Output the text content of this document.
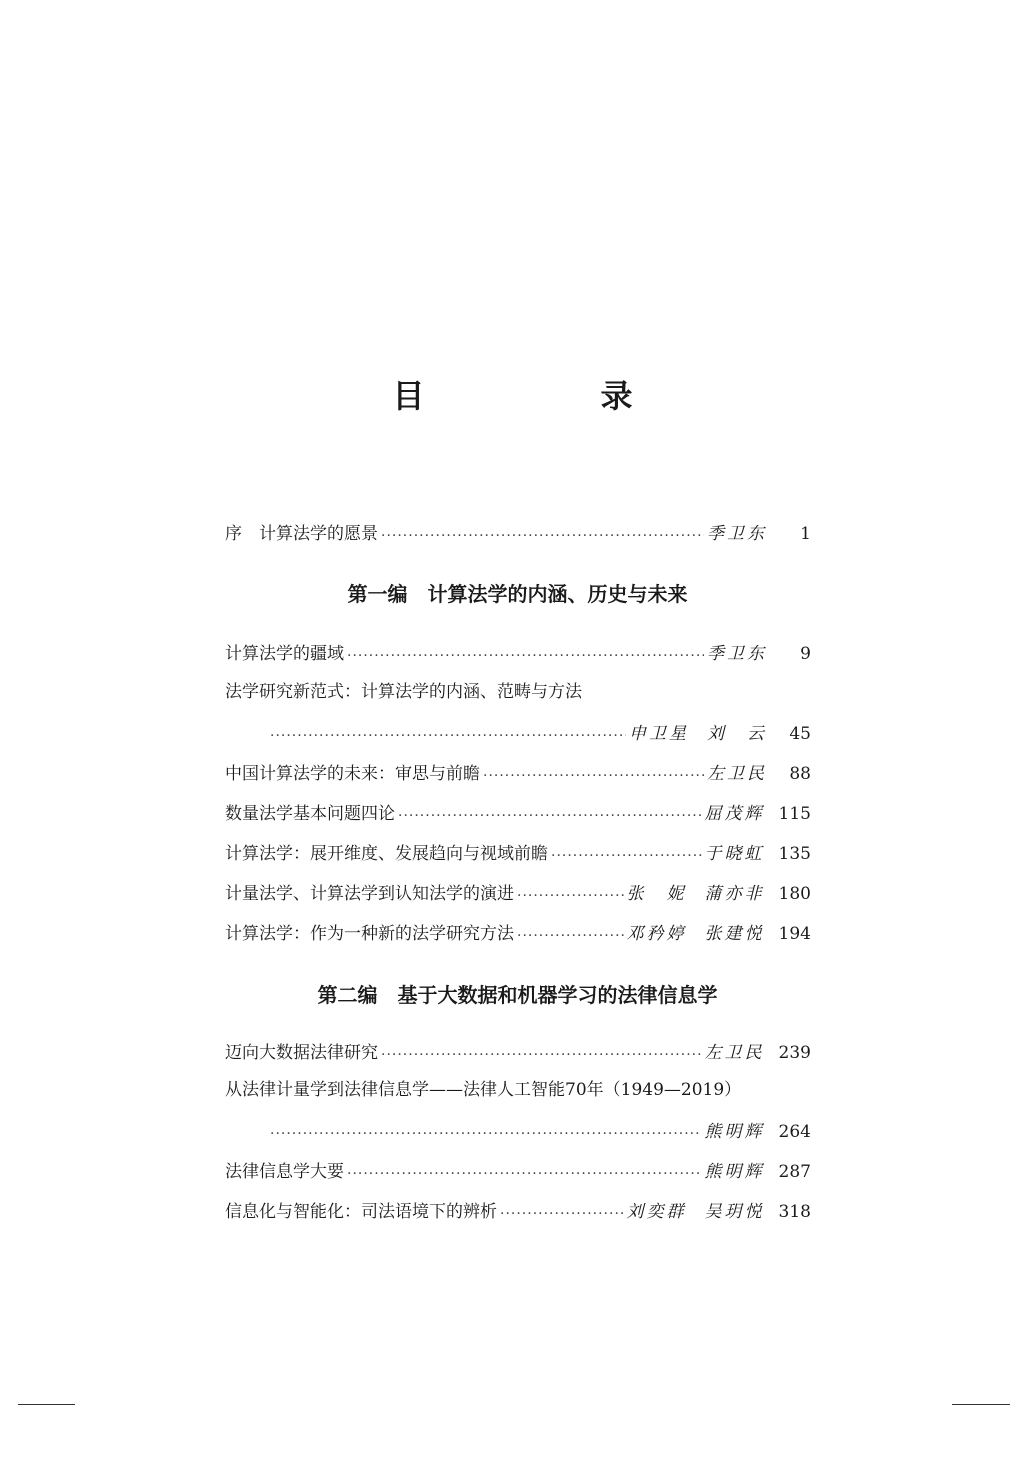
目　录
序　计算法学的愿景 ·····	季卫东	1
第一编　计算法学的内涵、历史与未来
计算法学的疆域 ·····	季卫东	9
法学研究新范式：计算法学的内涵、范畴与方法
·····
申卫星 刘　云	45
中国计算法学的未来：审思与前瞻 ·····	左卫民	88
数量法学基本问题四论 ·····	屈茂辉 115
计算法学：展开维度、发展趋向与视域前瞻 ·····	于晓虹 135
计量法学、计算法学到认知法学的演进 ·····	张　妮 蒲亦非 180
计算法学：作为一种新的法学研究方法 ·····	邓矜婷 张建悦 194
第二编　基于大数据和机器学习的法律信息学
迈向大数据法律研究 ·····	左卫民 239
从法律计量学到法律信息学——法律人工智能70年（1949—2019）
·····
熊明辉 264
法律信息学大要 ·····	熊明辉 287
信息化与智能化：司法语境下的辨析 ·····	刘奕群 吴玥悦 318
